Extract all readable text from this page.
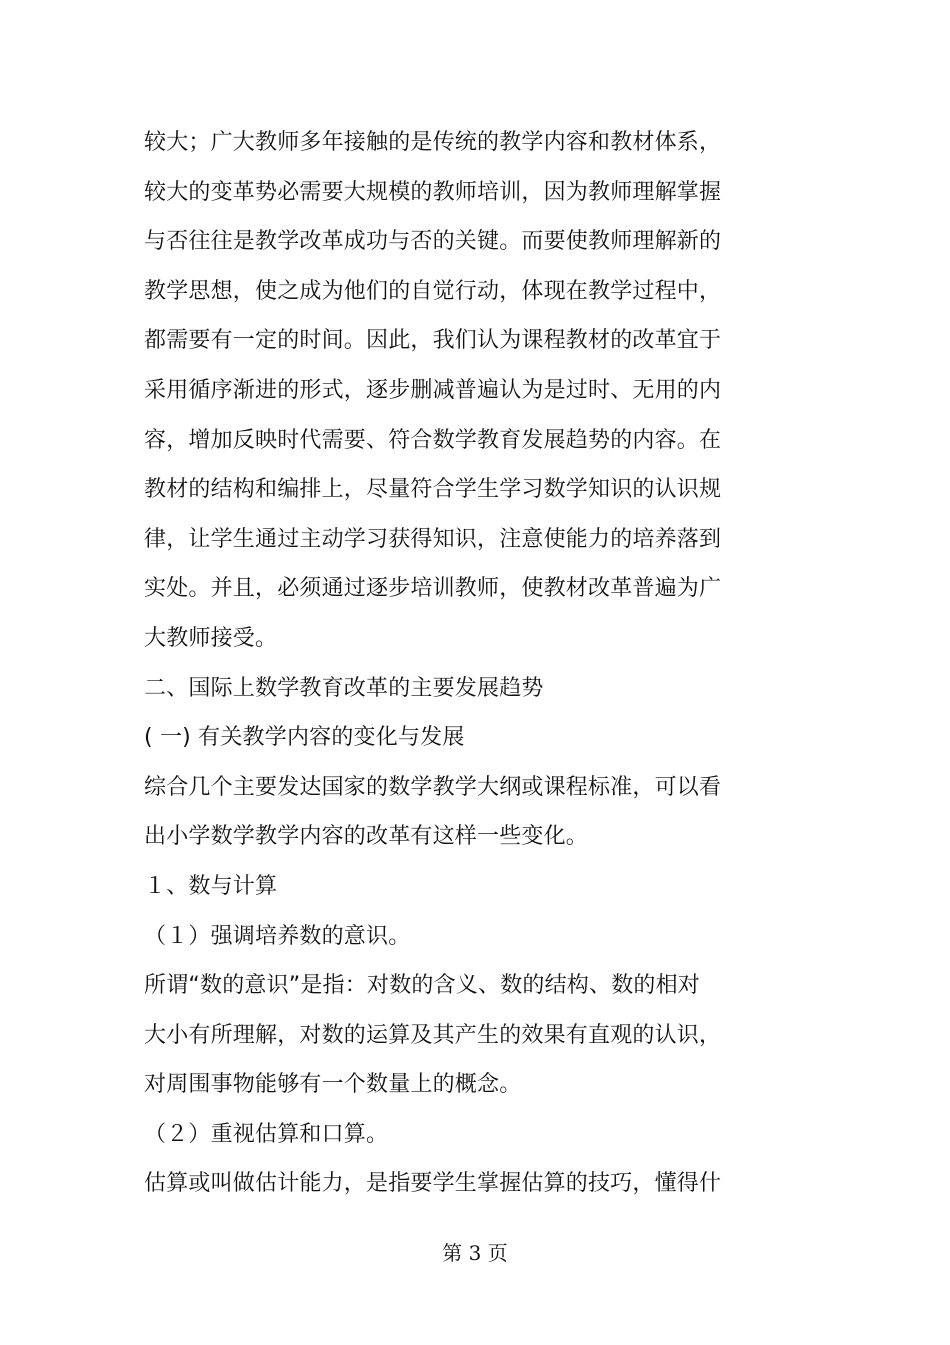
较大；广大教师多年接触的是传统的教学内容和教材体系，
较大的变革势必需要大规模的教师培训，因为教师理解掌握
与否往往是教学改革成功与否的关键。而要使教师理解新的
教学思想，使之成为他们的自觉行动，体现在教学过程中，
都需要有一定的时间。因此，我们认为课程教材的改革宜于
采用循序渐进的形式，逐步删减普遍认为是过时、无用的内
容，增加反映时代需要、符合数学教育发展趋势的内容。在
教材的结构和编排上，尽量符合学生学习数学知识的认识规
律，让学生通过主动学习获得知识，注意使能力的培养落到
实处。并且，必须通过逐步培训教师，使教材改革普遍为广
大教师接受。
二、国际上数学教育改革的主要发展趋势
( 一) 有关教学内容的变化与发展
综合几个主要发达国家的数学教学大纲或课程标准，可以看
出小学数学教学内容的改革有这样一些变化。
１、数与计算
（１）强调培养数的意识。
所谓“数的意识”是指：对数的含义、数的结构、数的相对
大小有所理解，对数的运算及其产生的效果有直观的认识，
对周围事物能够有一个数量上的概念。
（２）重视估算和口算。
估算或叫做估计能力，是指要学生掌握估算的技巧，懂得什
第 3 页
